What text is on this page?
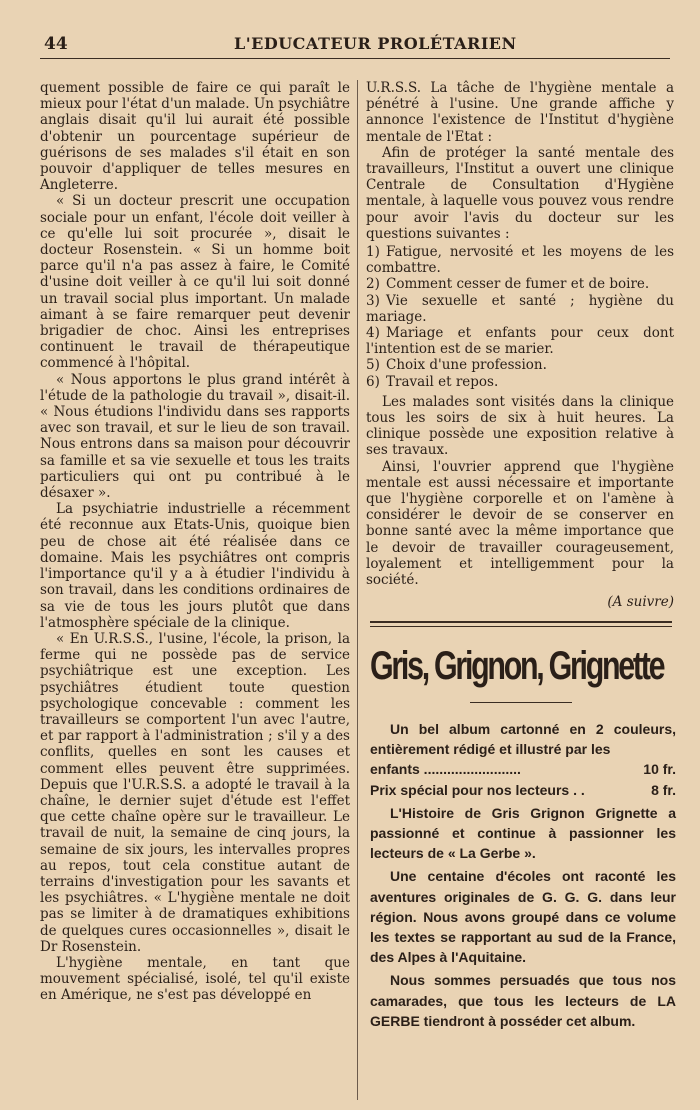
44	L'EDUCATEUR PROLÉTARIEN

quement possible de faire ce qui paraît le mieux pour l'état d'un malade. Un psychiâtre anglais disait qu'il lui aurait été possible d'obtenir un pourcentage supérieur de guérisons de ses malades s'il était en son pouvoir d'appliquer de telles mesures en Angleterre.

« Si un docteur prescrit une occupation sociale pour un enfant, l'école doit veiller à ce qu'elle lui soit procurée », disait le docteur Rosenstein. « Si un homme boit parce qu'il n'a pas assez à faire, le Comité d'usine doit veiller à ce qu'il lui soit donné un travail social plus important. Un malade aimant à se faire remarquer peut devenir brigadier de choc. Ainsi les entreprises continuent le travail de thérapeutique commencé à l'hôpital.

« Nous apportons le plus grand intérêt à l'étude de la pathologie du travail », disait-il. « Nous étudions l'individu dans ses rapports avec son travail, et sur le lieu de son travail. Nous entrons dans sa maison pour découvrir sa famille et sa vie sexuelle et tous les traits particuliers qui ont pu contribué à le désaxer ».

La psychiatrie industrielle a récemment été reconnue aux Etats-Unis, quoique bien peu de chose ait été réalisée dans ce domaine. Mais les psychiâtres ont compris l'importance qu'il y a à étudier l'individu à son travail, dans les conditions ordinaires de sa vie de tous les jours plutôt que dans l'atmosphère spéciale de la clinique.

« En U.R.S.S., l'usine, l'école, la prison, la ferme qui ne possède pas de service psychiâtrique est une exception. Les psychiâtres étudient toute question psychologique concevable : comment les travailleurs se comportent l'un avec l'autre, et par rapport à l'administration ; s'il y a des conflits, quelles en sont les causes et comment elles peuvent être supprimées. Depuis que l'U.R.S.S. a adopté le travail à la chaîne, le dernier sujet d'étude est l'effet que cette chaîne opère sur le travailleur. Le travail de nuit, la semaine de cinq jours, la semaine de six jours, les intervalles propres au repos, tout cela constitue autant de terrains d'investigation pour les savants et les psychiâtres. « L'hygiène mentale ne doit pas se limiter à de dramatiques exhibitions de quelques cures occasionnelles », disait le Dr Rosenstein.

L'hygiène mentale, en tant que mouvement spécialisé, isolé, tel qu'il existe en Amérique, ne s'est pas développé en

U.R.S.S. La tâche de l'hygiène mentale a pénétré à l'usine. Une grande affiche y annonce l'existence de l'Institut d'hygiène mentale de l'Etat :

Afin de protéger la santé mentale des travailleurs, l'Institut a ouvert une clinique Centrale de Consultation d'Hygiène mentale, à laquelle vous pouvez vous rendre pour avoir l'avis du docteur sur les questions suivantes :

1) Fatigue, nervosité et les moyens de les combattre.
2) Comment cesser de fumer et de boire.
3) Vie sexuelle et santé ; hygiène du mariage.
4) Mariage et enfants pour ceux dont l'intention est de se marier.
5) Choix d'une profession.
6) Travail et repos.

Les malades sont visités dans la clinique tous les soirs de six à huit heures. La clinique possède une exposition relative à ses travaux.

Ainsi, l'ouvrier apprend que l'hygiène mentale est aussi nécessaire et importante que l'hygiène corporelle et on l'amène à considérer le devoir de se conserver en bonne santé avec la même importance que le devoir de travailler courageusement, loyalement et intelligemment pour la société.

(A suivre)
Gris, Grignon, Grignette

Un bel album cartonné en 2 couleurs, entièrement rédigé et illustré par les

enfants .........................	10 fr.
Prix spécial pour nos lecteurs . .	8 fr.

L'Histoire de Gris Grignon Grignette a passionné et continue à passionner les lecteurs de « La Gerbe ».

Une centaine d'écoles ont raconté les aventures originales de G. G. G. dans leur région. Nous avons groupé dans ce volume les textes se rapportant au sud de la France, des Alpes à l'Aquitaine.

Nous sommes persuadés que tous nos camarades, que tous les lecteurs de LA GERBE tiendront à posséder cet album.
